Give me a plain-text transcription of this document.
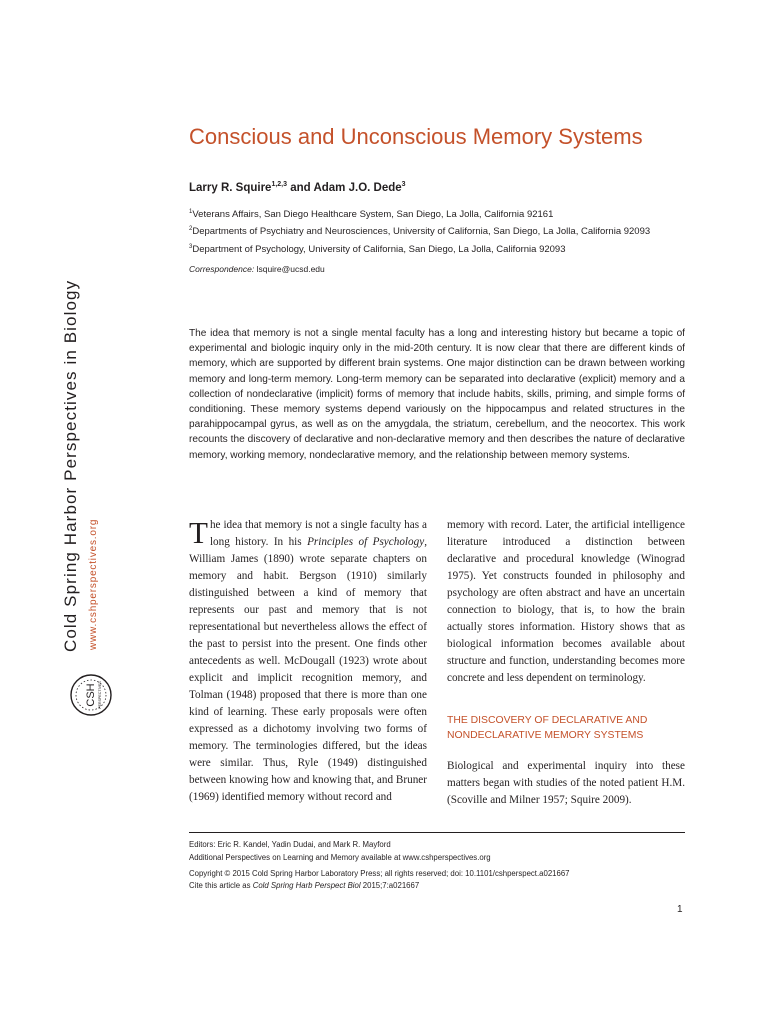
Cold Spring Harbor Perspectives in Biology www.cshperspectives.org
CSH PERSPECTIVES
Conscious and Unconscious Memory Systems
Larry R. Squire$^{1,2,3}$ and Adam J.O. Dede$^3$
$^1$Veterans Affairs, San Diego Healthcare System, San Diego, La Jolla, California 92161
$^2$Departments of Psychiatry and Neurosciences, University of California, San Diego, La Jolla, California 92093
$^3$Department of Psychology, University of California, San Diego, La Jolla, California 92093
Correspondence: lsquire@ucsd.edu

The idea that memory is not a single mental faculty has a long and interesting history but became a topic of experimental and biologic inquiry only in the mid-20th century. It is now clear that there are different kinds of memory, which are supported by different brain systems. One major distinction can be drawn between working memory and long-term memory. Long-term memory can be separated into declarative (explicit) memory and a collection of nondeclarative (implicit) forms of memory that include habits, skills, priming, and simple forms of conditioning. These memory systems depend variously on the hippocampus and related structures in the parahippocampal gyrus, as well as on the amygdala, the striatum, cerebellum, and the neocortex. This work recounts the discovery of declarative and non-declarative memory and then describes the nature of declarative memory, working memory, nondeclarative memory, and the relationship between memory systems.

The idea that memory is not a single faculty has a long history. In his Principles of Psychology, William James (1890) wrote separate chapters on memory and habit. Bergson (1910) similarly distinguished between a kind of memory that represents our past and memory that is not representational but nevertheless allows the effect of the past to persist into the present. One finds other antecedents as well. McDougall (1923) wrote about explicit and implicit recognition memory, and Tolman (1948) proposed that there is more than one kind of learning. These early proposals were often expressed as a dichotomy involving two forms of memory. The terminologies differed, but the ideas were similar. Thus, Ryle (1949) distinguished between knowing how and knowing that, and Bruner (1969) identified memory without record and

memory with record. Later, the artificial intelligence literature introduced a distinction between declarative and procedural knowledge (Winograd 1975). Yet constructs founded in philosophy and psychology are often abstract and have an uncertain connection to biology, that is, to how the brain actually stores information. History shows that as biological information becomes available about structure and function, understanding becomes more concrete and less dependent on terminology.

THE DISCOVERY OF DECLARATIVE AND NONDECLARATIVE MEMORY SYSTEMS

Biological and experimental inquiry into these matters began with studies of the noted patient H.M. (Scoville and Milner 1957; Squire 2009).

Editors: Eric R. Kandel, Yadin Dudai, and Mark R. Mayford
Additional Perspectives on Learning and Memory available at www.cshperspectives.org
Copyright © 2015 Cold Spring Harbor Laboratory Press; all rights reserved; doi: 10.1101/cshperspect.a021667
Cite this article as Cold Spring Harb Perspect Biol 2015;7:a021667
1
